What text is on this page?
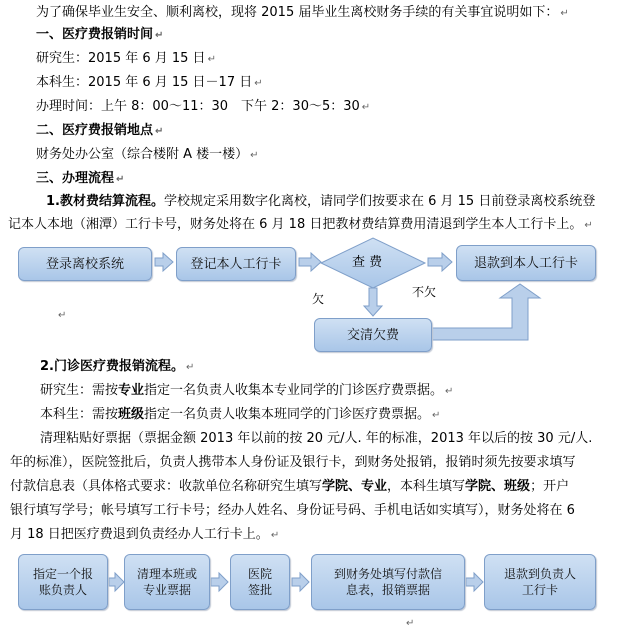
为了确保毕业生安全、顺利离校，现将 2015 届毕业生离校财务手续的有关事宜说明如下： ↵
一、医疗费报销时间 ↵
研究生：2015 年 6 月 15 日 ↵
本科生：2015 年 6 月 15 日－17 日 ↵
办理时间：上午 8：00～11：30　下午 2：30～5：30 ↵
二、医疗费报销地点 ↵
财务处办公室（综合楼附 A 楼一楼） ↵
三、办理流程 ↵
1.教材费结算流程。学校规定采用数字化离校，请同学们按要求在 6 月 15 日前登录离校系统登
记本人本地（湘潭）工行卡号，财务处将在 6 月 18 日把教材费结算费用清退到学生本人工行卡上。 ↵
登录离校系统	登记本人工行卡	查 费	退款到本人工行卡
欠	不欠
交清欠费
↵
2.门诊医疗费报销流程。 ↵
研究生：需按专业指定一名负责人收集本专业同学的门诊医疗费票据。 ↵
本科生：需按班级指定一名负责人收集本班同学的门诊医疗费票据。 ↵
清理粘贴好票据（票据金额 2013 年以前的按 20 元/人. 年的标准，2013 年以后的按 30 元/人.
年的标准），医院签批后，负责人携带本人身份证及银行卡，到财务处报销，报销时须先按要求填写
付款信息表（具体格式要求：收款单位名称研究生填写学院、专业，本科生填写学院、班级；开户
银行填写学号；帐号填写工行卡号；经办人姓名、身份证号码、手机电话如实填写），财务处将在 6
月 18 日把医疗费退到负责经办人工行卡上。 ↵
指定一个报
账负责人
清理本班或
专业票据
医院
签批
到财务处填写付款信
息表，报销票据
退款到负责人
工行卡
↵
